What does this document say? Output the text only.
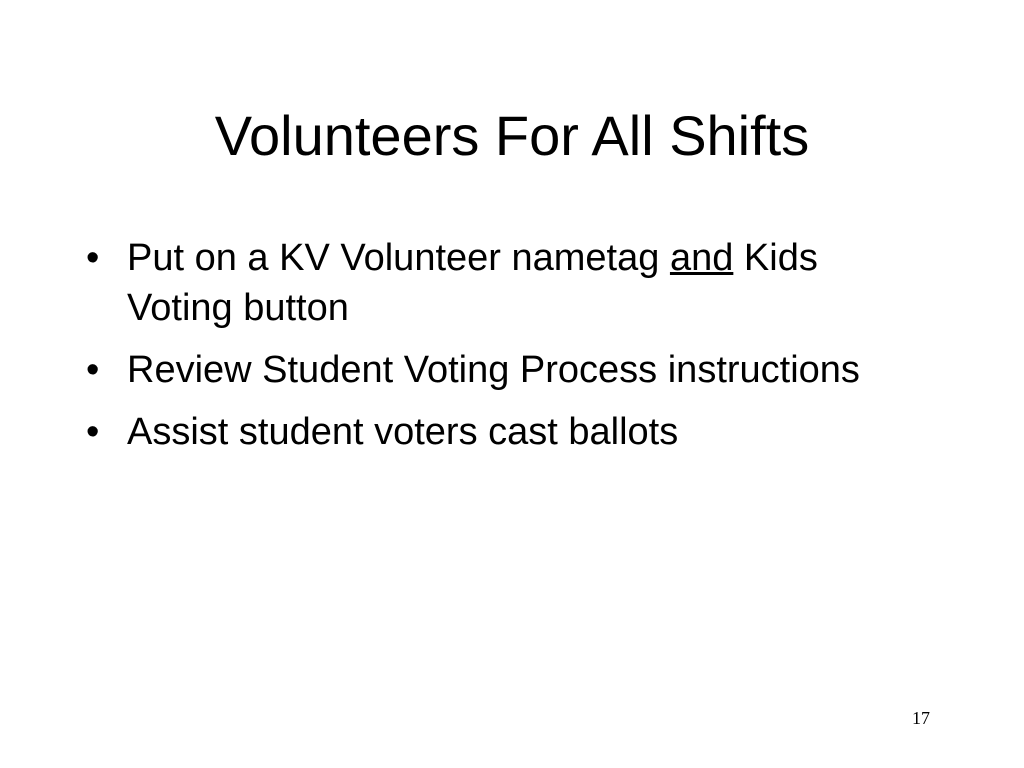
Volunteers For All Shifts
• Put on a KV Volunteer nametag and Kids Voting button
• Review Student Voting Process instructions
• Assist student voters cast ballots
17
